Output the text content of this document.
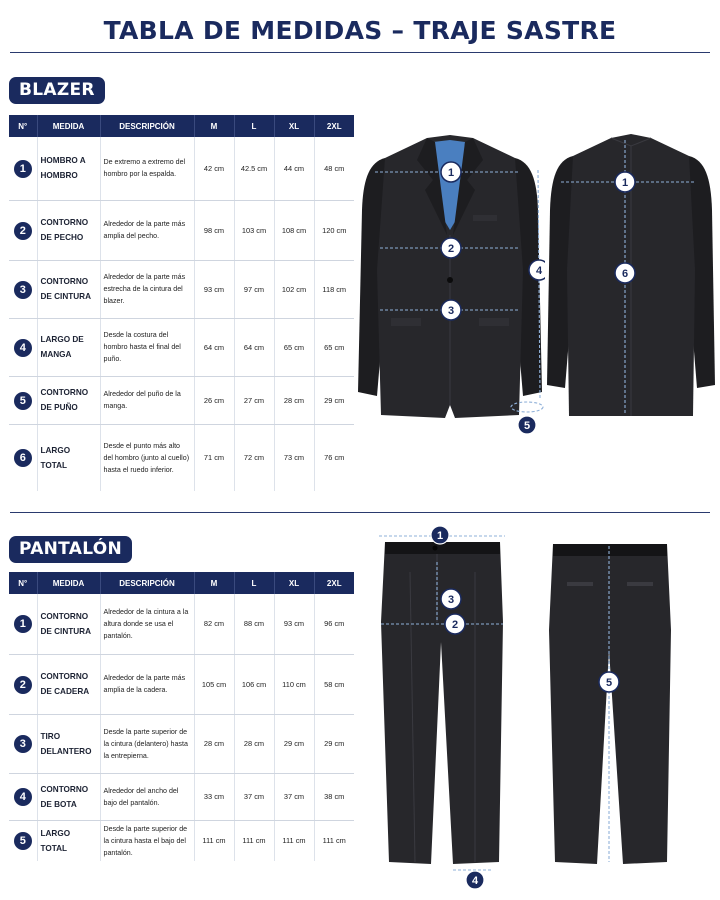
TABLA DE MEDIDAS – TRAJE SASTRE
BLAZER
N°	MEDIDA	DESCRIPCIÓN	M	L	XL	2XL
1	HOMBRO A HOMBRO	De extremo a extremo del hombro por la espalda.	42 cm	42.5 cm	44 cm	48 cm
2	CONTORNO DE PECHO	Alrededor de la parte más amplia del pecho.	98 cm	103 cm	108 cm	120 cm
3	CONTORNO DE CINTURA	Alrededor de la parte más estrecha de la cintura del blazer.	93 cm	97 cm	102 cm	118 cm
4	LARGO DE MANGA	Desde la costura del hombro hasta el final del puño.	64 cm	64 cm	65 cm	65 cm
5	CONTORNO DE PUÑO	Alrededor del puño de la manga.	26 cm	27 cm	28 cm	29 cm
6	LARGO TOTAL	Desde el punto más alto del hombro (junto al cuello) hasta el ruedo inferior.	71 cm	72 cm	73 cm	76 cm
1
2
3
4
5
1
6
PANTALÓN
N°	MEDIDA	DESCRIPCIÓN	M	L	XL	2XL
1	CONTORNO DE CINTURA	Alrededor de la cintura a la altura donde se usa el pantalón.	82 cm	88 cm	93 cm	96 cm
2	CONTORNO DE CADERA	Alrededor de la parte más amplia de la cadera.	105 cm	106 cm	110 cm	58 cm
3	TIRO DELANTERO	Desde la parte superior de la cintura (delantero) hasta la entrepierna.	28 cm	28 cm	29 cm	29 cm
4	CONTORNO DE BOTA	Alrededor del ancho del bajo del pantalón.	33 cm	37 cm	37 cm	38 cm
5	LARGO TOTAL	Desde la parte superior de la cintura hasta el bajo del pantalón.	111 cm	111 cm	111 cm	111 cm
1
3
2
4
5
